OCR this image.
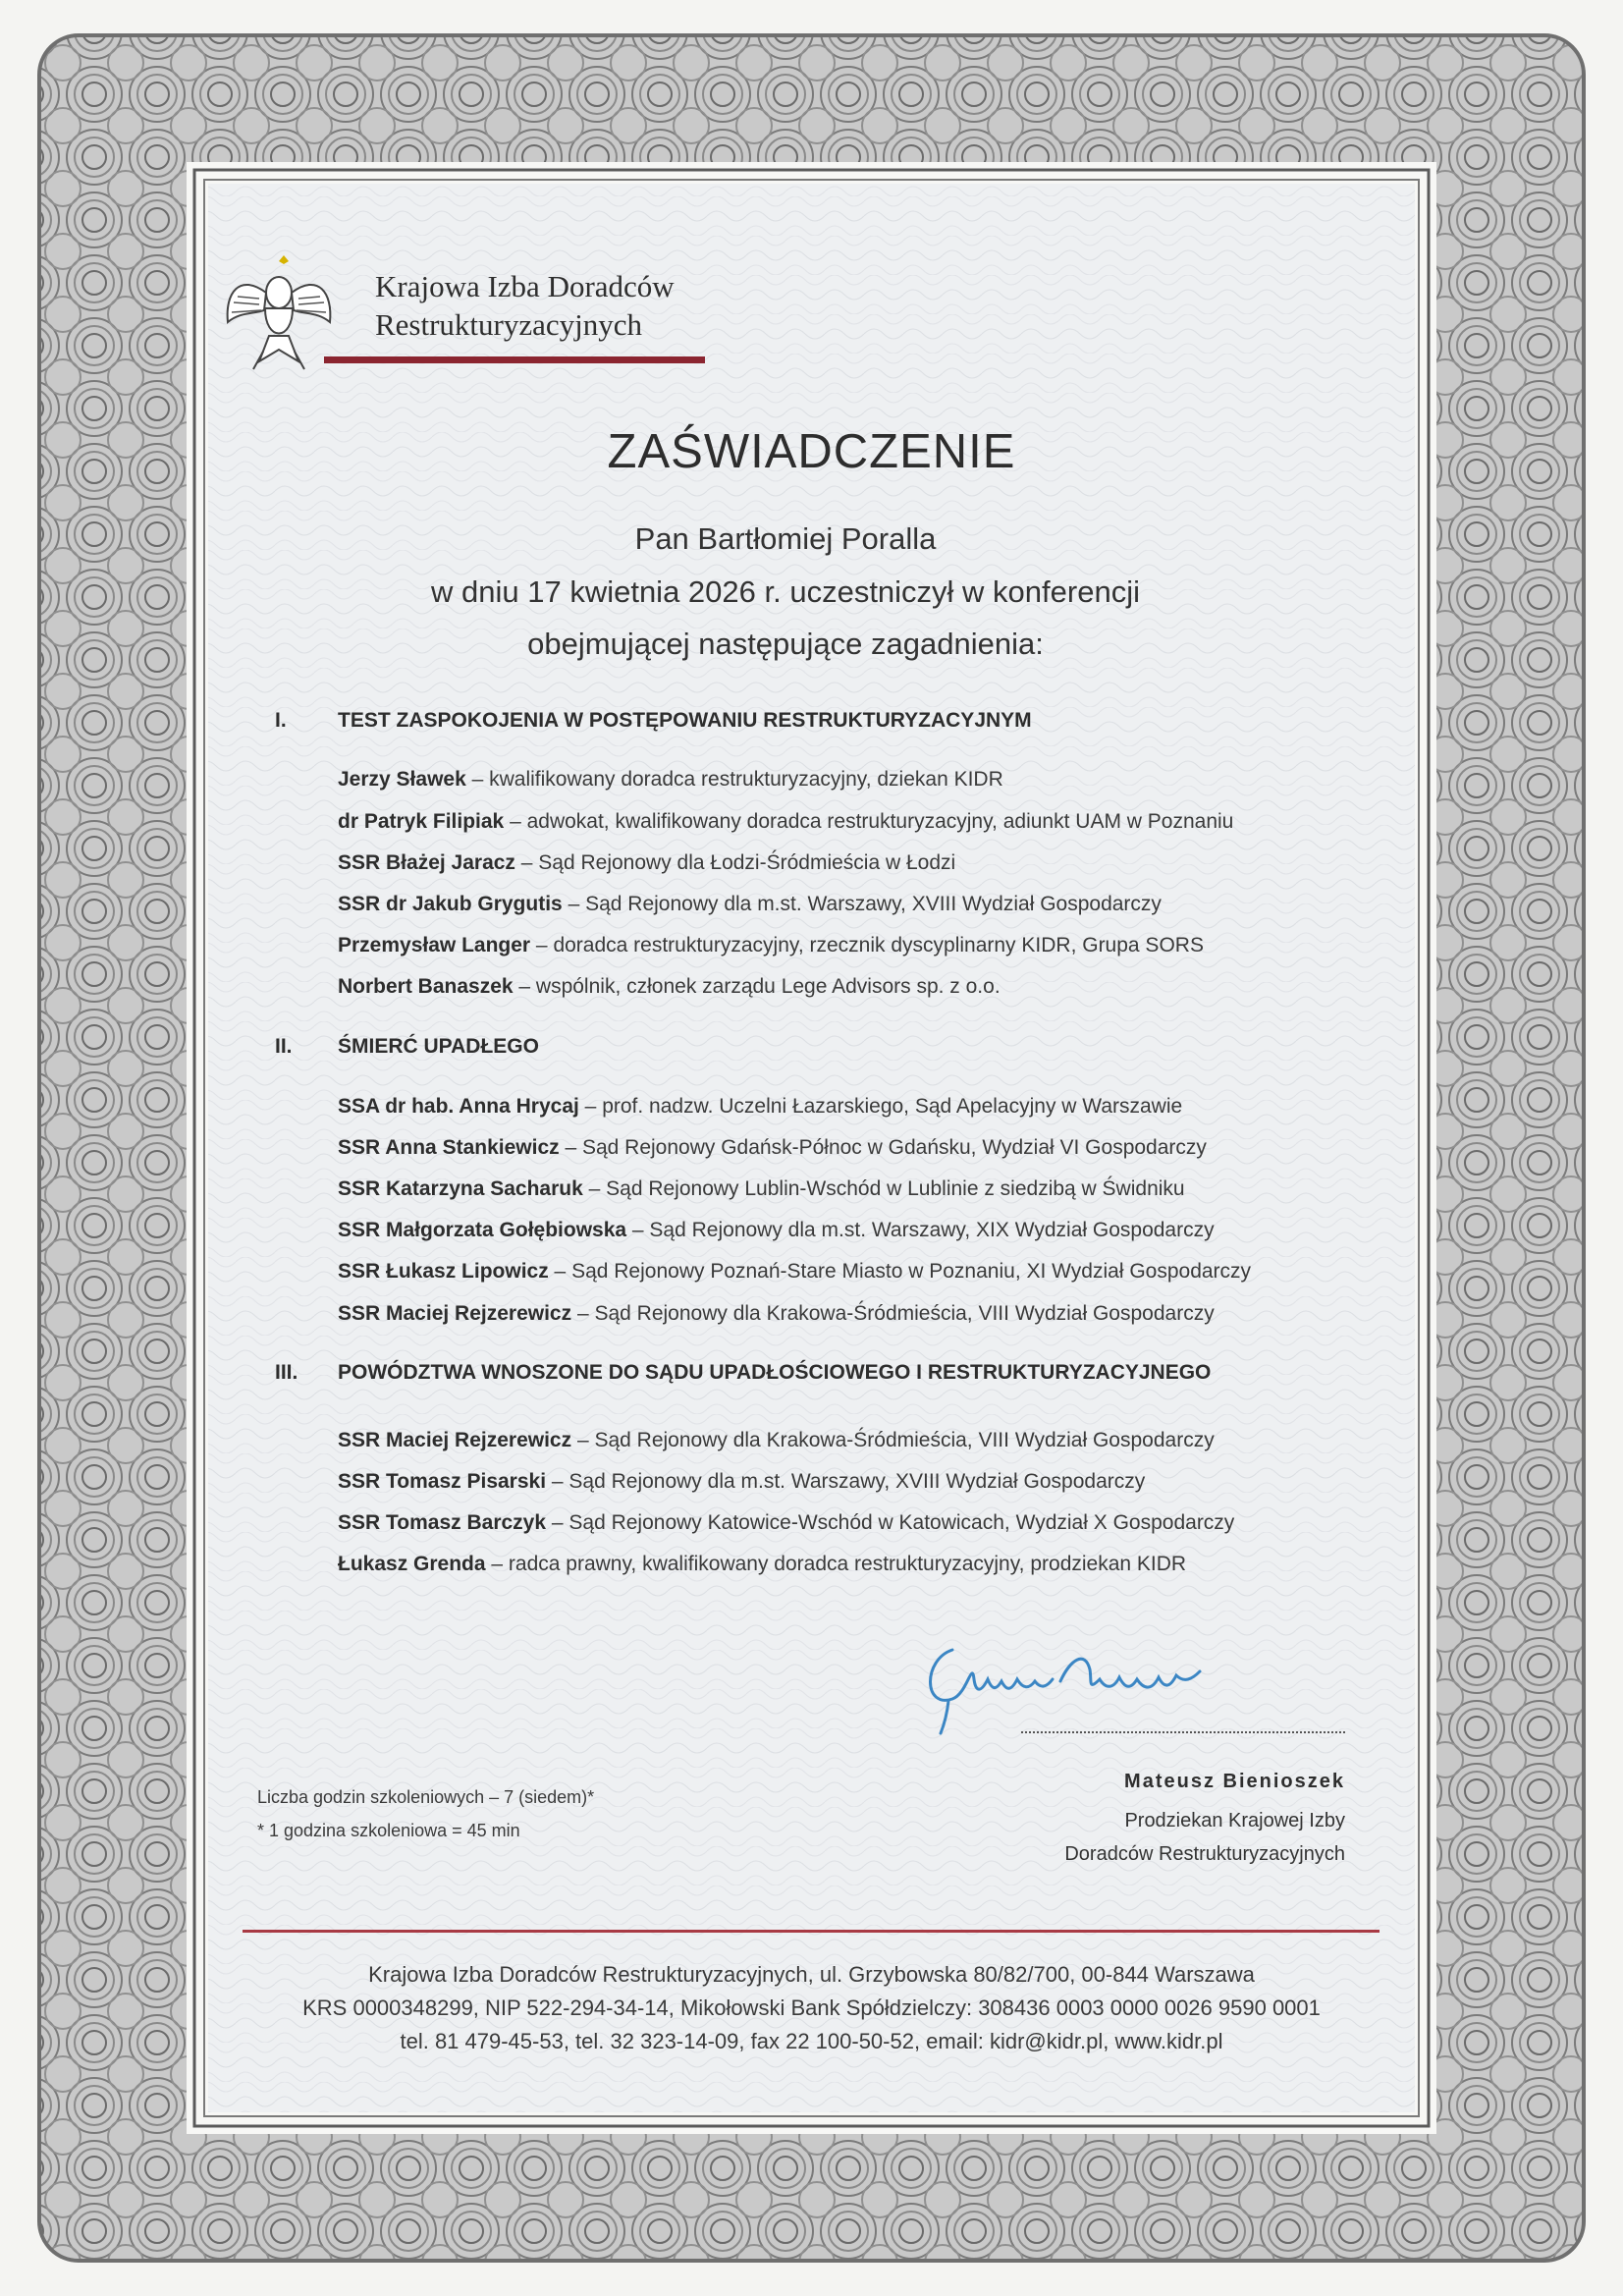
Krajowa Izba Doradców
Restrukturyzacyjnych
ZAŚWIADCZENIE
Pan Bartłomiej Poralla
w dniu 17 kwietnia 2026 r. uczestniczył w konferencji
obejmującej następujące zagadnienia:
I. TEST ZASPOKOJENIA W POSTĘPOWANIU RESTRUKTURYZACYJNYM
Jerzy Sławek – kwalifikowany doradca restrukturyzacyjny, dziekan KIDR
dr Patryk Filipiak – adwokat, kwalifikowany doradca restrukturyzacyjny, adiunkt UAM w Poznaniu
SSR Błażej Jaracz – Sąd Rejonowy dla Łodzi-Śródmieścia w Łodzi
SSR dr Jakub Grygutis – Sąd Rejonowy dla m.st. Warszawy, XVIII Wydział Gospodarczy
Przemysław Langer – doradca restrukturyzacyjny, rzecznik dyscyplinarny KIDR, Grupa SORS
Norbert Banaszek – wspólnik, członek zarządu Lege Advisors sp. z o.o.
II. ŚMIERĆ UPADŁEGO
SSA dr hab. Anna Hrycaj – prof. nadzw. Uczelni Łazarskiego, Sąd Apelacyjny w Warszawie
SSR Anna Stankiewicz – Sąd Rejonowy Gdańsk-Północ w Gdańsku, Wydział VI Gospodarczy
SSR Katarzyna Sacharuk – Sąd Rejonowy Lublin-Wschód w Lublinie z siedzibą w Świdniku
SSR Małgorzata Gołębiowska – Sąd Rejonowy dla m.st. Warszawy, XIX Wydział Gospodarczy
SSR Łukasz Lipowicz – Sąd Rejonowy Poznań-Stare Miasto w Poznaniu, XI Wydział Gospodarczy
SSR Maciej Rejzerewicz – Sąd Rejonowy dla Krakowa-Śródmieścia, VIII Wydział Gospodarczy
III. POWÓDZTWA WNOSZONE DO SĄDU UPADŁOŚCIOWEGO I RESTRUKTURYZACYJNEGO
SSR Maciej Rejzerewicz – Sąd Rejonowy dla Krakowa-Śródmieścia, VIII Wydział Gospodarczy
SSR Tomasz Pisarski – Sąd Rejonowy dla m.st. Warszawy, XVIII Wydział Gospodarczy
SSR Tomasz Barczyk – Sąd Rejonowy Katowice-Wschód w Katowicach, Wydział X Gospodarczy
Łukasz Grenda – radca prawny, kwalifikowany doradca restrukturyzacyjny, prodziekan KIDR
Liczba godzin szkoleniowych – 7 (siedem)*
* 1 godzina szkoleniowa = 45 min
Mateusz Bienioszek
Prodziekan Krajowej Izby
Doradców Restrukturyzacyjnych
Krajowa Izba Doradców Restrukturyzacyjnych, ul. Grzybowska 80/82/700, 00-844 Warszawa
KRS 0000348299, NIP 522-294-34-14, Mikołowski Bank Spółdzielczy: 308436 0003 0000 0026 9590 0001
tel. 81 479-45-53, tel. 32 323-14-09, fax 22 100-50-52, email: kidr@kidr.pl, www.kidr.pl
